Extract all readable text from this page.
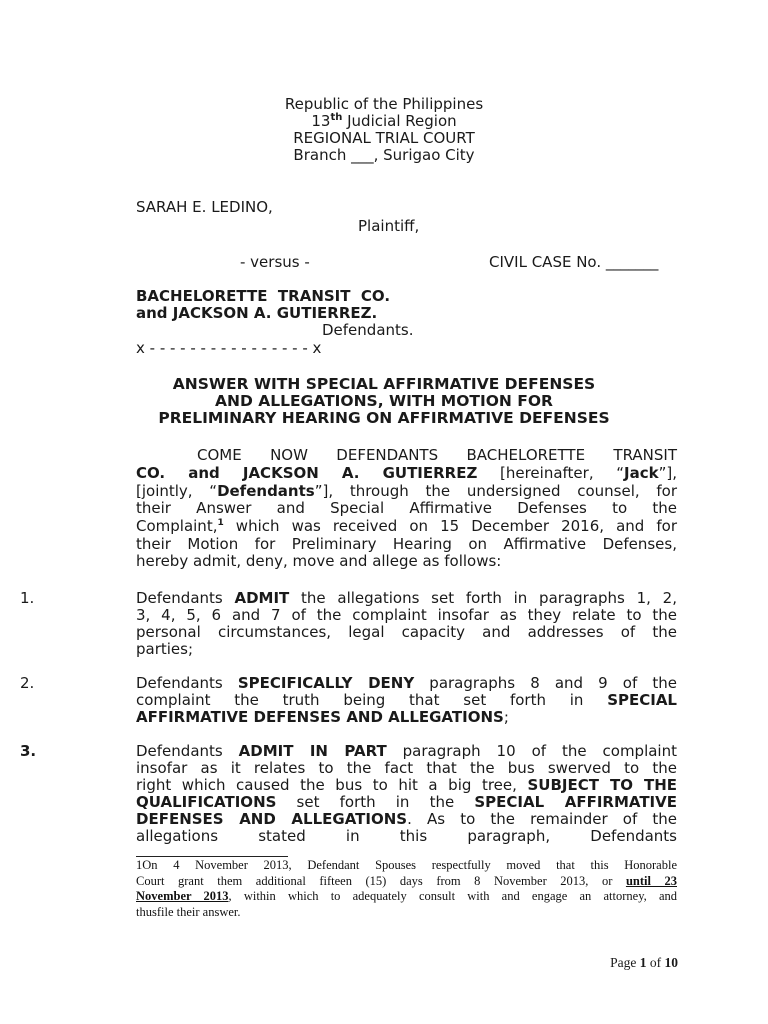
Republic of the Philippines
13th Judicial Region
REGIONAL TRIAL COURT
Branch ___, Surigao City
SARAH E. LEDINO,
Plaintiff,
- versus -	CIVIL CASE No. _______
BACHELORETTE  TRANSIT  CO.
and JACKSON A. GUTIERREZ.
Defendants.
x - - - - - - - - - - - - - - - - x
ANSWER WITH SPECIAL AFFIRMATIVE DEFENSES
AND ALLEGATIONS, WITH MOTION FOR
PRELIMINARY HEARING ON AFFIRMATIVE DEFENSES
COME NOW DEFENDANTS BACHELORETTE TRANSIT
CO. and JACKSON A. GUTIERREZ [hereinafter, “Jack”],
[jointly, “Defendants”], through the undersigned counsel, for
their Answer and Special Affirmative Defenses to the
Complaint,$^1$ which was received on 15 December 2016, and for
their Motion for Preliminary Hearing on Affirmative Defenses,
hereby admit, deny, move and allege as follows:
1.	Defendants ADMIT the allegations set forth in paragraphs 1, 2,
3, 4, 5, 6 and 7 of the complaint insofar as they relate to the
personal circumstances, legal capacity and addresses of the
parties;
2.	Defendants SPECIFICALLY DENY paragraphs 8 and 9 of the
complaint the truth being that set forth in SPECIAL
AFFIRMATIVE DEFENSES AND ALLEGATIONS;
3.	Defendants ADMIT IN PART paragraph 10 of the complaint
insofar as it relates to the fact that the bus swerved to the
right which caused the bus to hit a big tree, SUBJECT TO THE
QUALIFICATIONS set forth in the SPECIAL AFFIRMATIVE
DEFENSES AND ALLEGATIONS. As to the remainder of the
allegations stated in this paragraph, Defendants
1On 4 November 2013, Defendant Spouses respectfully moved that this Honorable
Court grant them additional fifteen (15) days from 8 November 2013, or until 23
November 2013, within which to adequately consult with and engage an attorney, and
thusfile their answer.
Page 1 of 10
